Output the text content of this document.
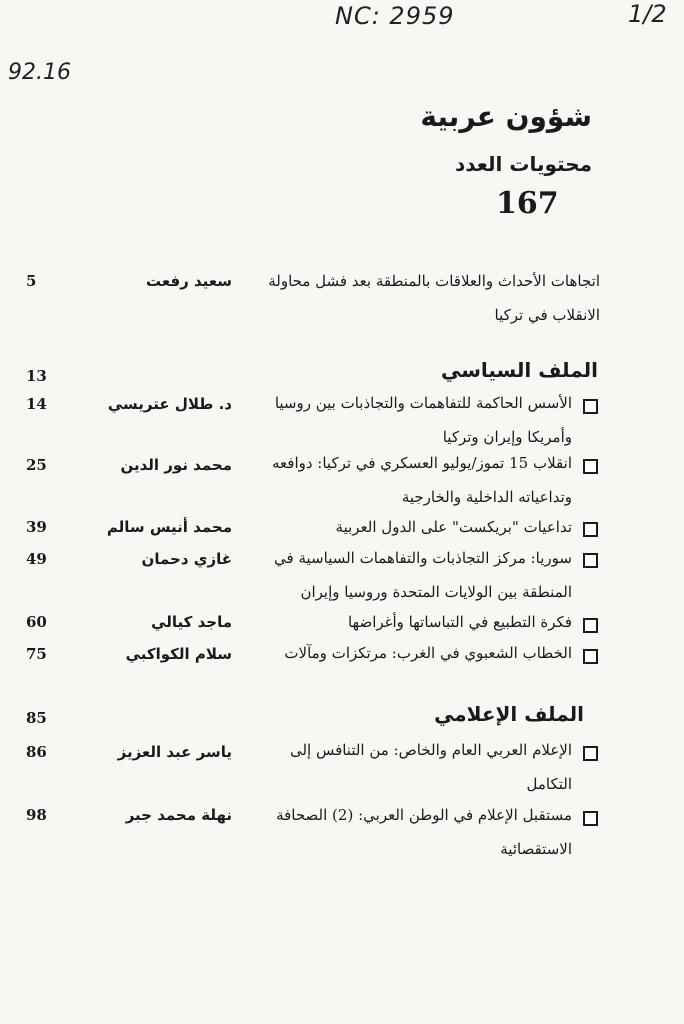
NC: 2959	1/2
92.16
شؤون عربية
محتويات العدد
167
اتجاهات الأحداث والعلاقات بالمنطقة بعد فشل محاولة الانقلاب في تركيا
سعيد رفعت
5
الملف السياسي
13
الأسس الحاكمة للتفاهمات والتجاذبات بين روسيا وأمريكا وإيران وتركيا
د. طلال عتريسي
14
انقلاب 15 تموز/يوليو العسكري في تركيا: دوافعه وتداعياته الداخلية والخارجية
محمد نور الدين
25
تداعيات "بريكست" على الدول العربية
محمد أنيس سالم
39
سوريا: مركز التجاذبات والتفاهمات السياسية في المنطقة بين الولايات المتحدة وروسيا وإيران
غازي دحمان
49
فكرة التطبيع في التباساتها وأغراضها
ماجد كيالي
60
الخطاب الشعبوي في الغرب: مرتكزات ومآلات
سلام الكواكبي
75
الملف الإعلامي
85
الإعلام العربي العام والخاص: من التنافس إلى التكامل
ياسر عبد العزيز
86
مستقبل الإعلام في الوطن العربي: (2) الصحافة الاستقصائية
نهلة محمد جبر
98
